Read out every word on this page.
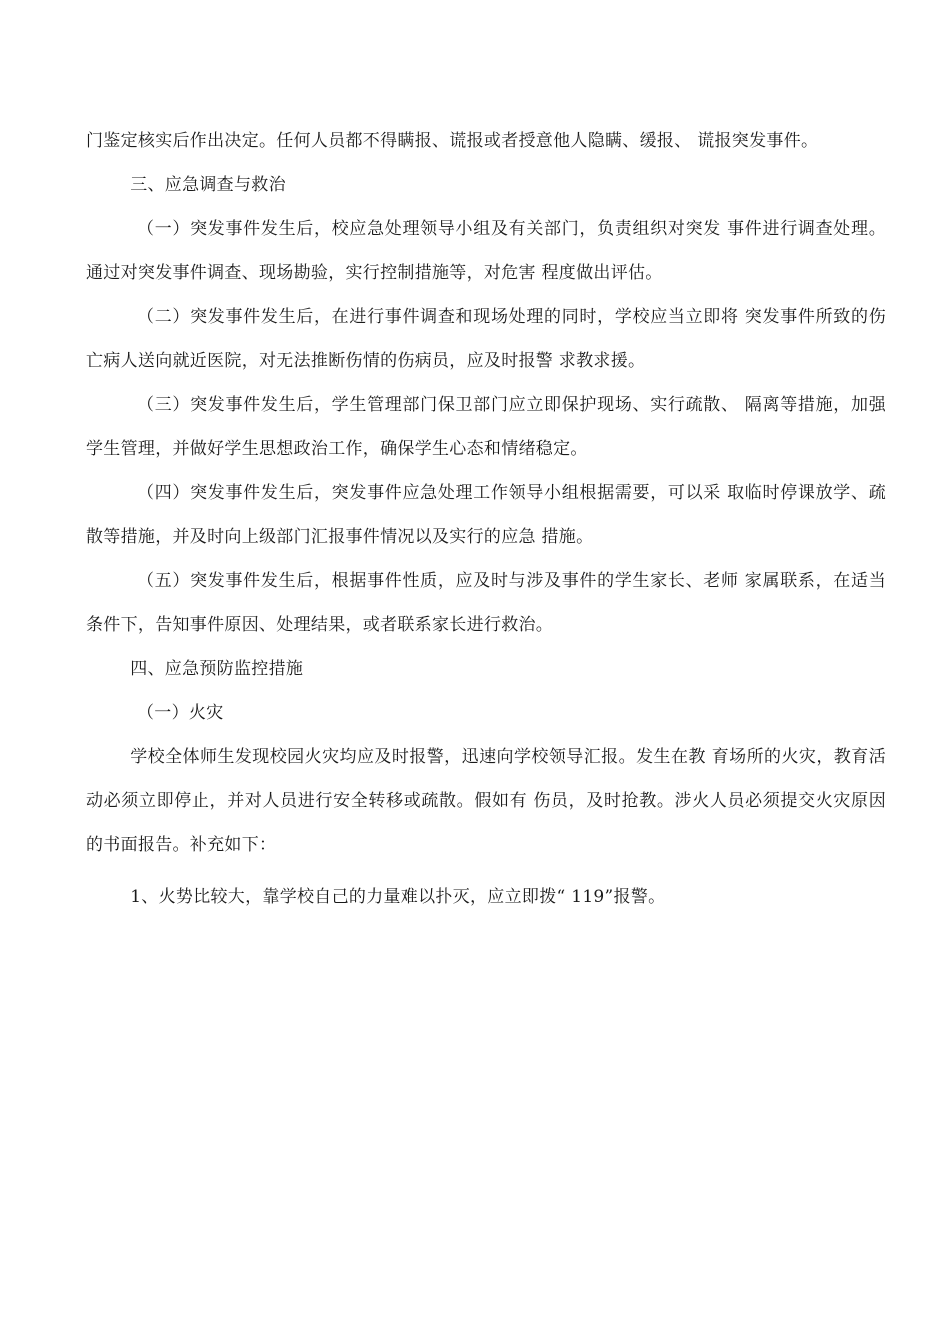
门鉴定核实后作出决定。任何人员都不得瞒报、谎报或者授意他人隐瞒、缓报、 谎报突发事件。

三、应急调查与救治

（一）突发事件发生后，校应急处理领导小组及有关部门，负责组织对突发 事件进行调查处理。通过对突发事件调查、现场勘验，实行控制措施等，对危害 程度做出评估。

（二）突发事件发生后，在进行事件调查和现场处理的同时，学校应当立即将 突发事件所致的伤亡病人送向就近医院，对无法推断伤情的伤病员，应及时报警 求教求援。

（三）突发事件发生后，学生管理部门保卫部门应立即保护现场、实行疏散、 隔离等措施，加强学生管理，并做好学生思想政治工作，确保学生心态和情绪稳定。

（四）突发事件发生后，突发事件应急处理工作领导小组根据需要，可以采 取临时停课放学、疏散等措施，并及时向上级部门汇报事件情况以及实行的应急 措施。

（五）突发事件发生后，根据事件性质，应及时与涉及事件的学生家长、老师 家属联系，在适当条件下，告知事件原因、处理结果，或者联系家长进行救治。

四、应急预防监控措施

（一）火灾

学校全体师生发现校园火灾均应及时报警，迅速向学校领导汇报。发生在教 育场所的火灾，教育活动必须立即停止，并对人员进行安全转移或疏散。假如有 伤员，及时抢教。涉火人员必须提交火灾原因的书面报告。补充如下：

1、火势比较大，靠学校自己的力量难以扑灭，应立即拨“ 119”报警。
